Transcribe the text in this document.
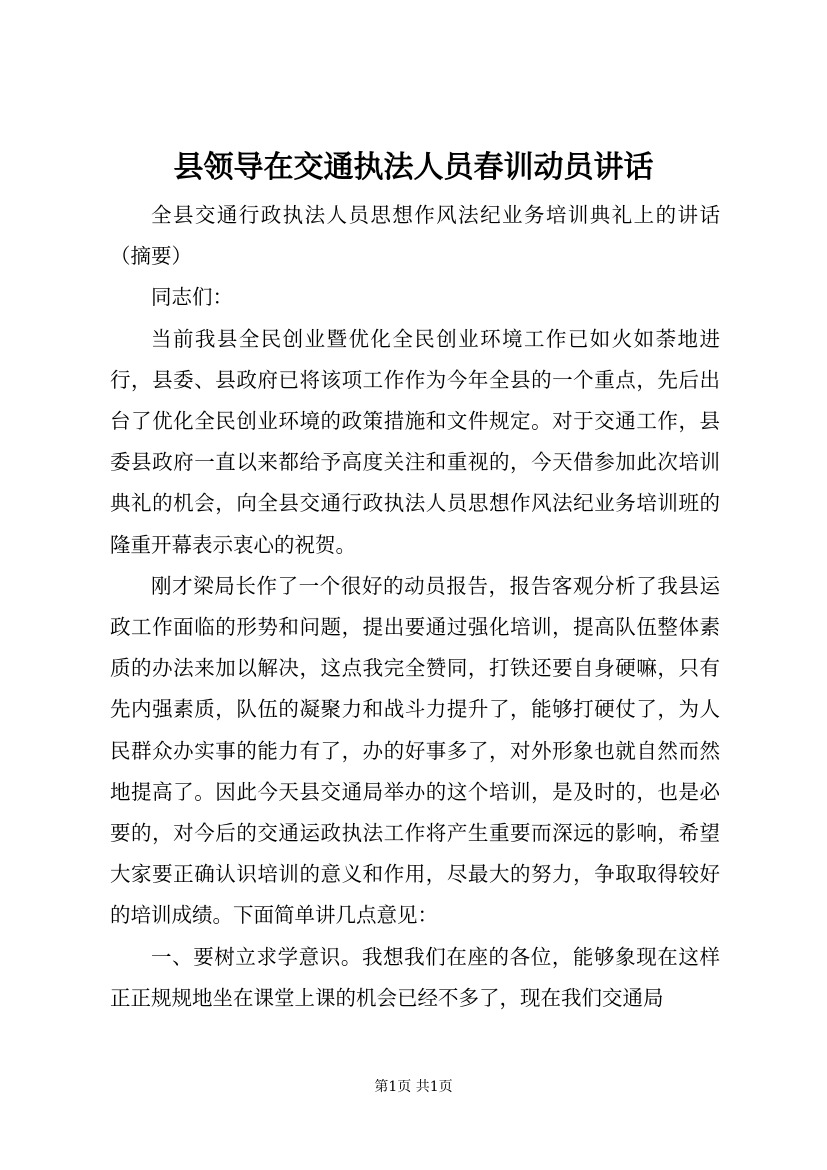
县领导在交通执法人员春训动员讲话

全县交通行政执法人员思想作风法纪业务培训典礼上的讲话（摘要）

同志们：

当前我县全民创业暨优化全民创业环境工作已如火如荼地进行，县委、县政府已将该项工作作为今年全县的一个重点，先后出台了优化全民创业环境的政策措施和文件规定。对于交通工作，县委县政府一直以来都给予高度关注和重视的，今天借参加此次培训典礼的机会，向全县交通行政执法人员思想作风法纪业务培训班的隆重开幕表示衷心的祝贺。

刚才梁局长作了一个很好的动员报告，报告客观分析了我县运政工作面临的形势和问题，提出要通过强化培训，提高队伍整体素质的办法来加以解决，这点我完全赞同，打铁还要自身硬嘛，只有先内强素质，队伍的凝聚力和战斗力提升了，能够打硬仗了，为人民群众办实事的能力有了，办的好事多了，对外形象也就自然而然地提高了。因此今天县交通局举办的这个培训，是及时的，也是必要的，对今后的交通运政执法工作将产生重要而深远的影响，希望大家要正确认识培训的意义和作用，尽最大的努力，争取取得较好的培训成绩。下面简单讲几点意见：

一、要树立求学意识。我想我们在座的各位，能够象现在这样正正规规地坐在课堂上课的机会已经不多了，现在我们交通局

第1页 共1页
